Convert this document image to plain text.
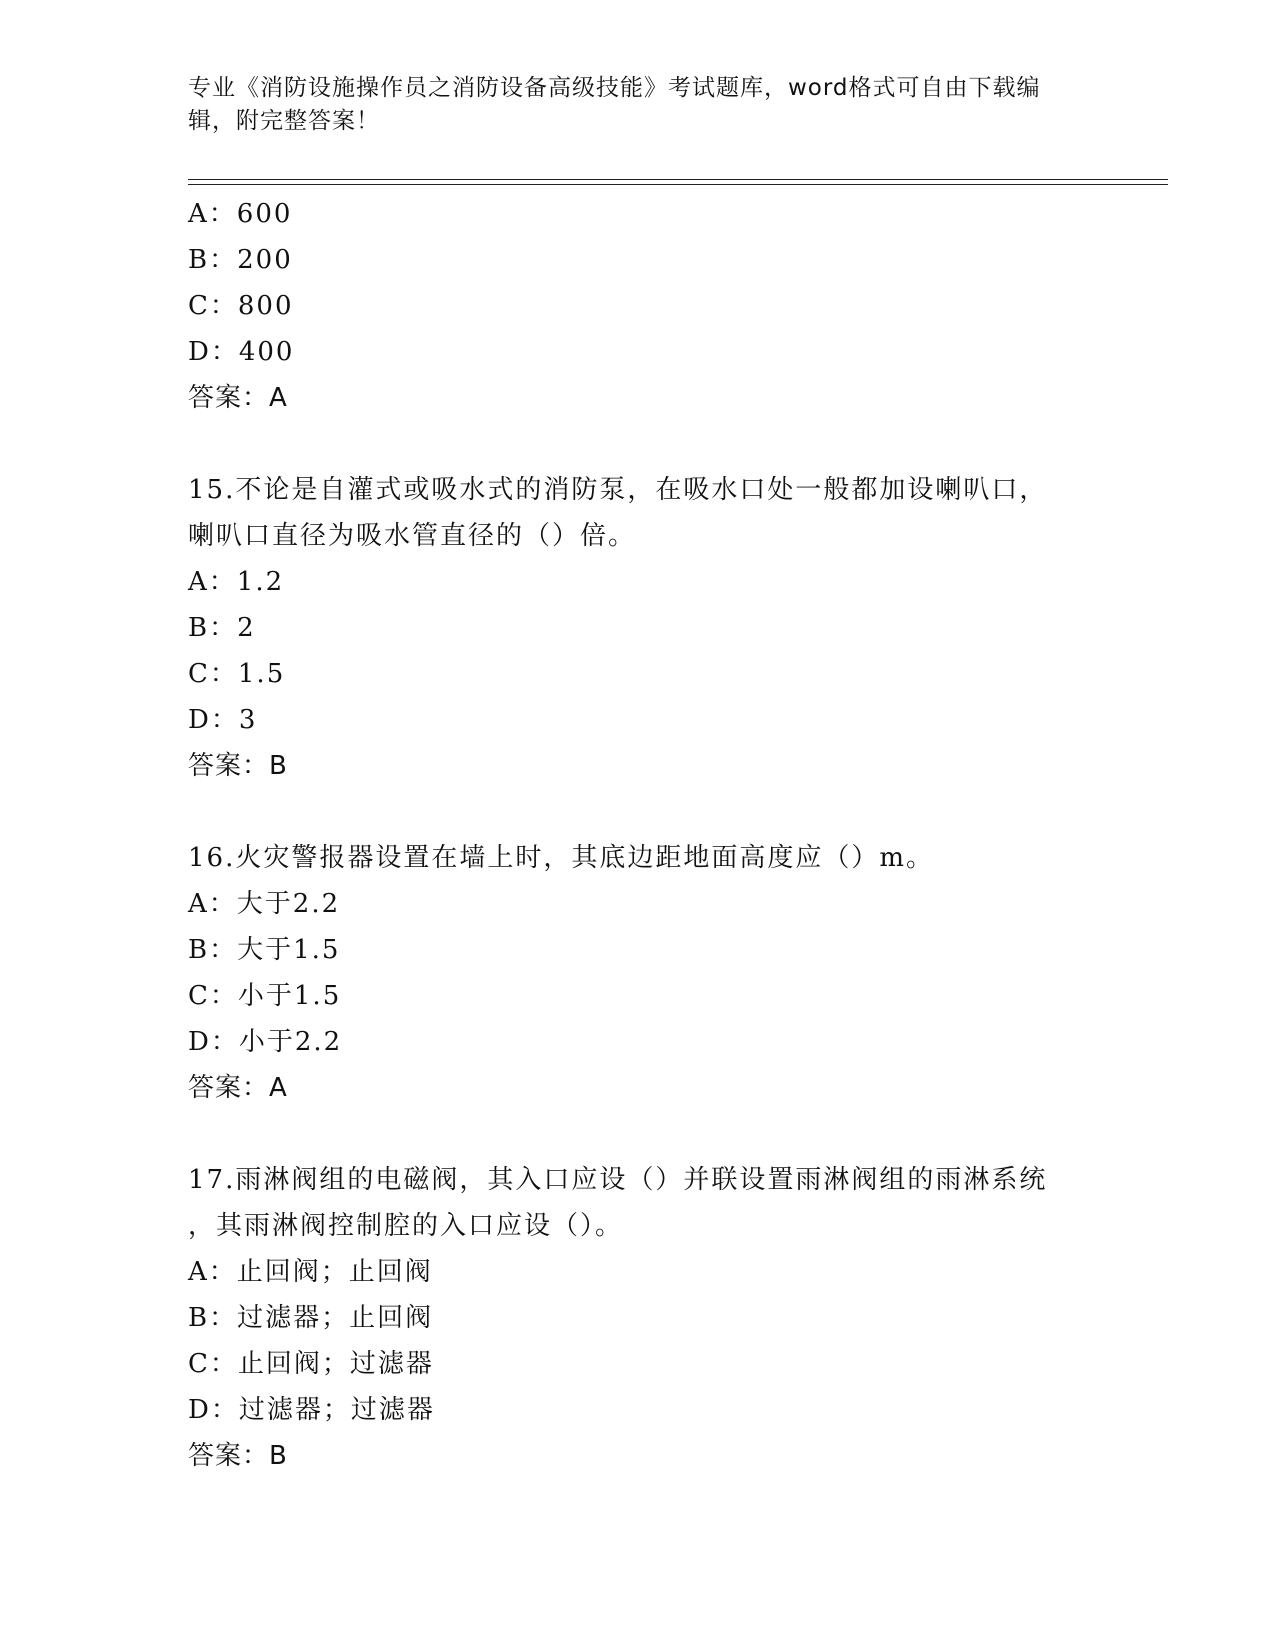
专业《消防设施操作员之消防设备高级技能》考试题库，word格式可自由下载编
辑，附完整答案！
A：600
B：200
C：800
D：400
答案：A
15.不论是自灌式或吸水式的消防泵，在吸水口处一般都加设喇叭口，
喇叭口直径为吸水管直径的（）倍。
A：1.2
B：2
C：1.5
D：3
答案：B
16.火灾警报器设置在墙上时，其底边距地面高度应（）m。
A：大于2.2
B：大于1.5
C：小于1.5
D：小于2.2
答案：A
17.雨淋阀组的电磁阀，其入口应设（）并联设置雨淋阀组的雨淋系统
，其雨淋阀控制腔的入口应设（）。
A：止回阀；止回阀
B：过滤器；止回阀
C：止回阀；过滤器
D：过滤器；过滤器
答案：B
